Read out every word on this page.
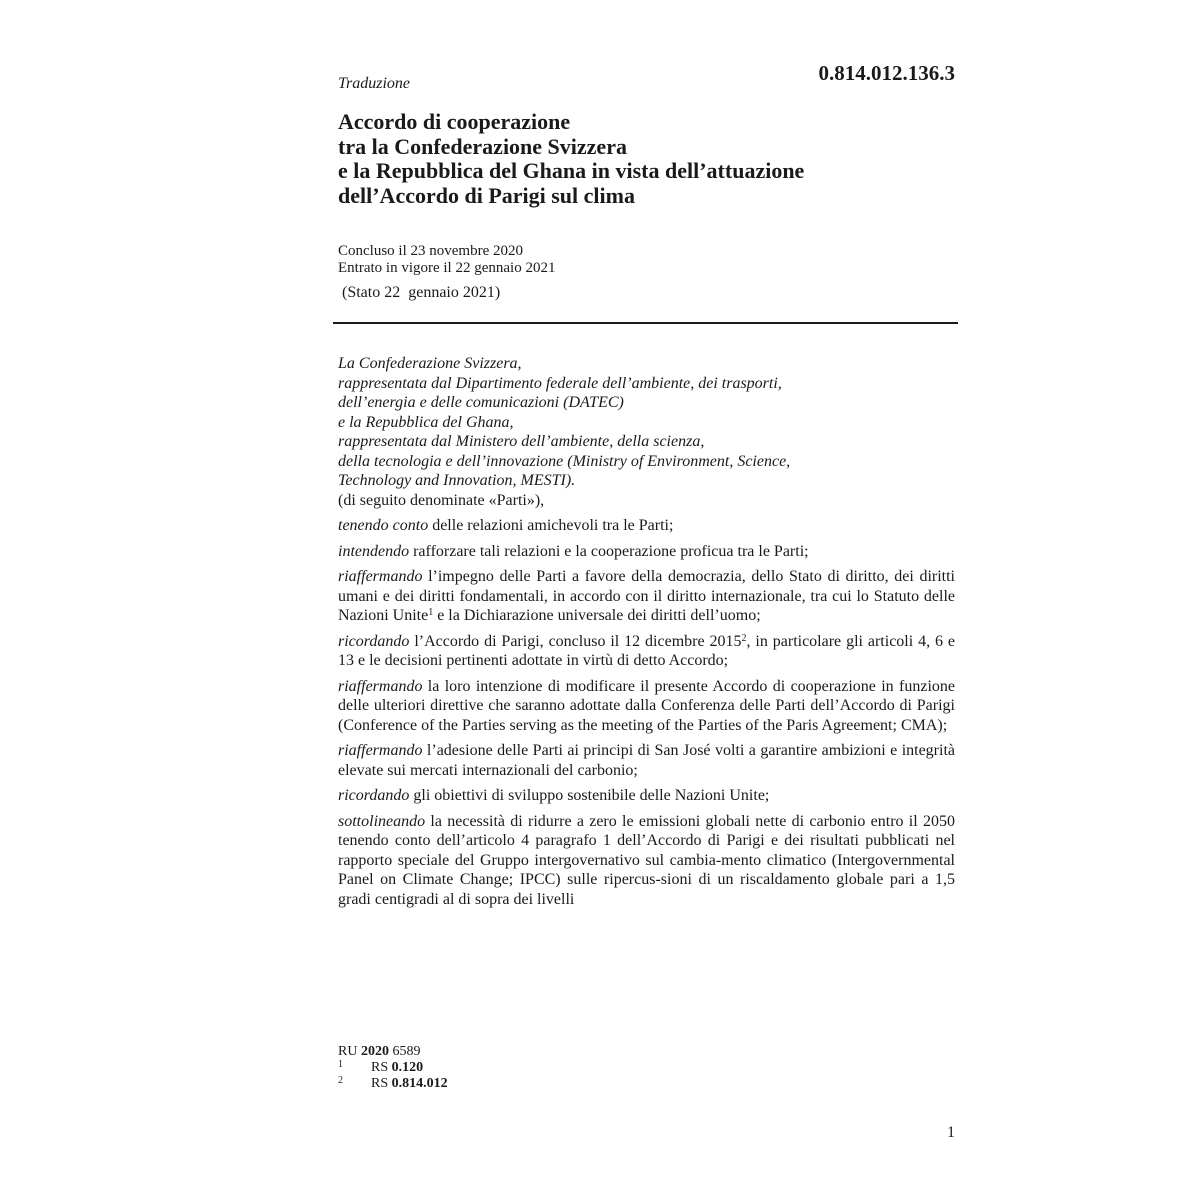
0.814.012.136.3
Traduzione
Accordo di cooperazione
tra la Confederazione Svizzera
e la Repubblica del Ghana in vista dell’attuazione
dell’Accordo di Parigi sul clima
Concluso il 23 novembre 2020
Entrato in vigore il 22 gennaio 2021
(Stato 22  gennaio 2021)

La Confederazione Svizzera,
rappresentata dal Dipartimento federale dell’ambiente, dei trasporti,
dell’energia e delle comunicazioni (DATEC)
e la Repubblica del Ghana,
rappresentata dal Ministero dell’ambiente, della scienza,
della tecnologia e dell’innovazione (Ministry of Environment, Science,
Technology and Innovation, MESTI).
(di seguito denominate «Parti»),

tenendo conto delle relazioni amichevoli tra le Parti;

intendendo rafforzare tali relazioni e la cooperazione proficua tra le Parti;

riaffermando l’impegno delle Parti a favore della democrazia, dello Stato di diritto, dei diritti umani e dei diritti fondamentali, in accordo con il diritto internazionale, tra cui lo Statuto delle Nazioni Unite$^1$ e la Dichiarazione universale dei diritti dell’uomo;

ricordando l’Accordo di Parigi, concluso il 12 dicembre 2015$^2$, in particolare gli articoli 4, 6 e 13 e le decisioni pertinenti adottate in virtù di detto Accordo;

riaffermando la loro intenzione di modificare il presente Accordo di cooperazione in funzione delle ulteriori direttive che saranno adottate dalla Conferenza delle Parti dell’Accordo di Parigi (Conference of the Parties serving as the meeting of the Parties of the Paris Agreement; CMA);

riaffermando l’adesione delle Parti ai principi di San José volti a garantire ambizioni e integrità elevate sui mercati internazionali del carbonio;

ricordando gli obiettivi di sviluppo sostenibile delle Nazioni Unite;

sottolineando la necessità di ridurre a zero le emissioni globali nette di carbonio entro il 2050 tenendo conto dell’articolo 4 paragrafo 1 dell’Accordo di Parigi e dei risultati pubblicati nel rapporto speciale del Gruppo intergovernativo sul cambia-mento climatico (Intergovernmental Panel on Climate Change; IPCC) sulle ripercus-sioni di un riscaldamento globale pari a 1,5 gradi centigradi al di sopra dei livelli

RU 2020 6589
1	RS 0.120
2	RS 0.814.012
1
